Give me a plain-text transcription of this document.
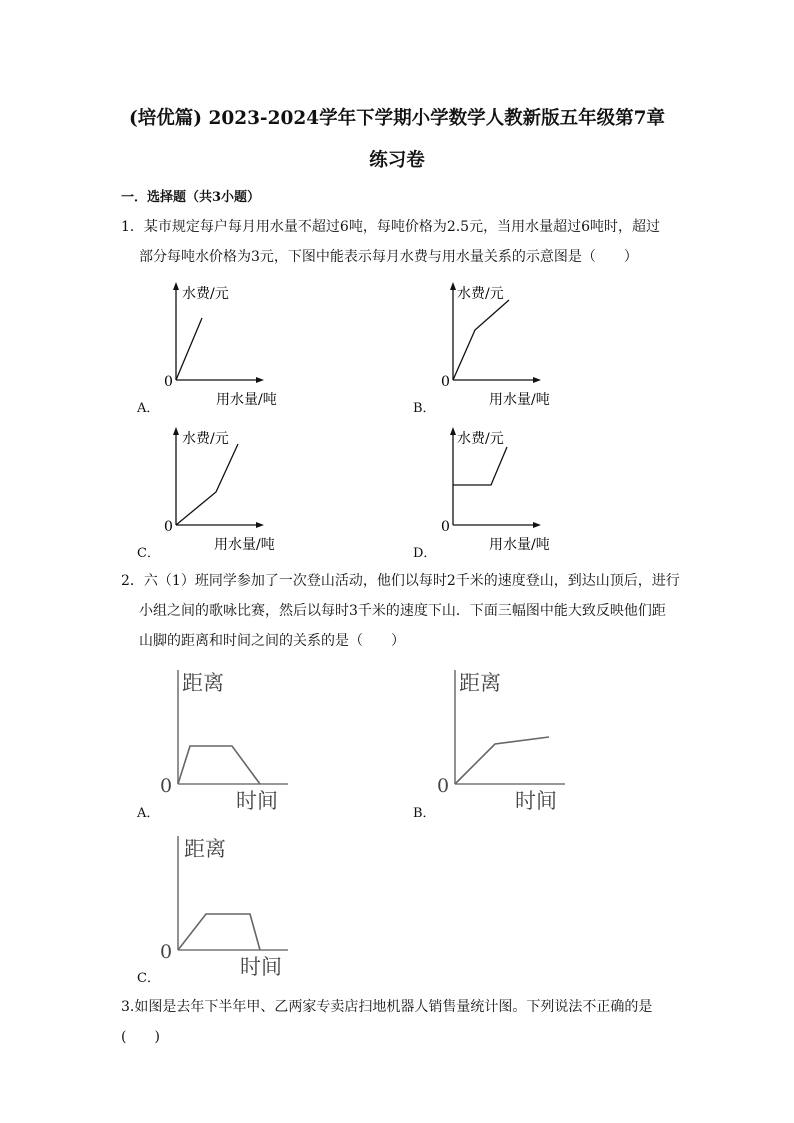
(培优篇) 2023-2024学年下学期小学数学人教新版五年级第7章
练习卷
一．选择题（共3小题）
1．某市规定每户每月用水量不超过6吨，每吨价格为2.5元，当用水量超过6吨时，超过
部分每吨水价格为3元，下图中能表示每月水费与用水量关系的示意图是（　　）
水费/元
0
用水量/吨
A．
水费/元
0
用水量/吨
B．
水费/元
0
用水量/吨
C．
水费/元
0
用水量/吨
D．
2．六（1）班同学参加了一次登山活动，他们以每时2千米的速度登山，到达山顶后，进行
小组之间的歌咏比赛，然后以每时3千米的速度下山．下面三幅图中能大致反映他们距
山脚的距离和时间之间的关系的是（　　）
距离
0
时间
A．
距离
0
时间
B．
距离
0
时间
C．
3.如图是去年下半年甲、乙两家专卖店扫地机器人销售量统计图。下列说法不正确的是(　　)
